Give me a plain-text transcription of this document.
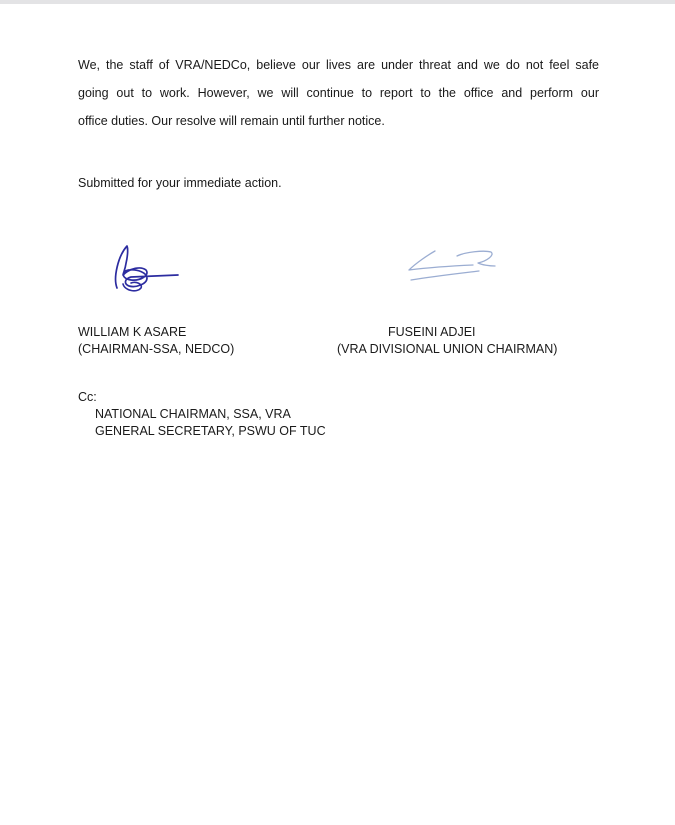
We, the staff of VRA/NEDCo, believe our lives are under threat and we do not feel safe
going out to work. However, we will continue to report to the office and perform our
office duties. Our resolve will remain until further notice.
Submitted for your immediate action.
WILLIAM K ASARE
(CHAIRMAN-SSA, NEDCO)
FUSEINI ADJEI
(VRA DIVISIONAL UNION CHAIRMAN)
Cc:
NATIONAL CHAIRMAN, SSA, VRA
GENERAL SECRETARY, PSWU OF TUC
